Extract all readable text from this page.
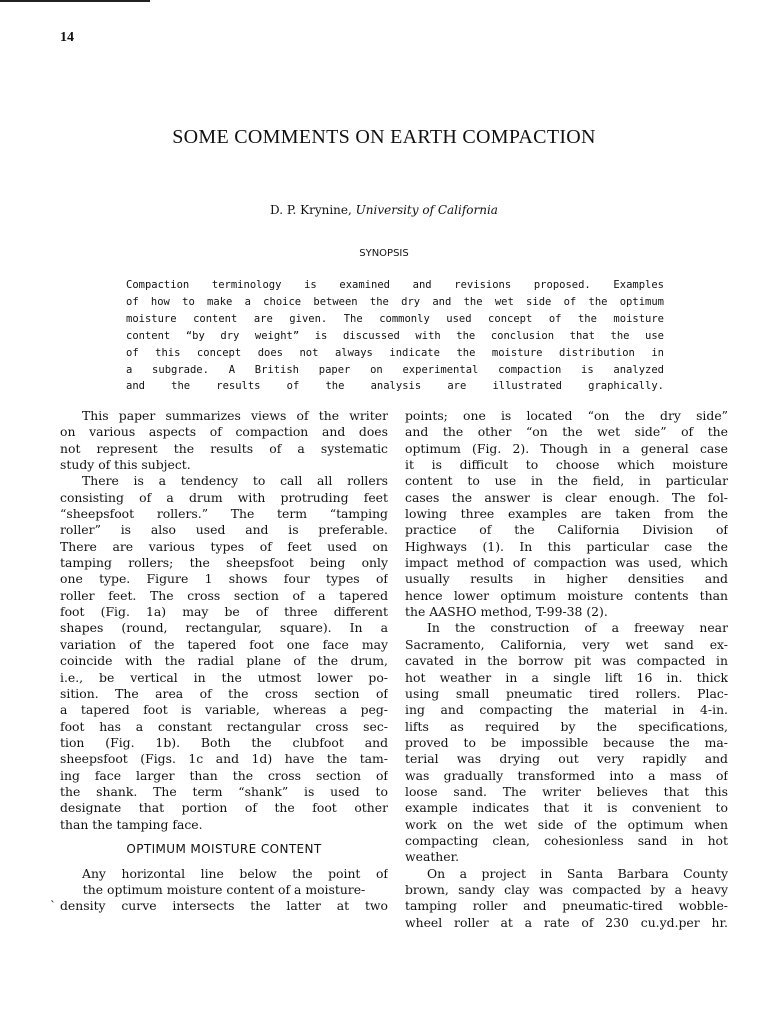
14
SOME COMMENTS ON EARTH COMPACTION
D. P. Krynine, University of California
SYNOPSIS
Compaction terminology is examined and revisions proposed. Examples
of how to make a choice between the dry and the wet side of the optimum
moisture content are given. The commonly used concept of the moisture
content “by dry weight” is discussed with the conclusion that the use
of this concept does not always indicate the moisture distribution in
a subgrade. A British paper on experimental compaction is analyzed
and the results of the analysis are illustrated graphically.
This paper summarizes views of the writer
on various aspects of compaction and does
not represent the results of a systematic
study of this subject.
There is a tendency to call all rollers
consisting of a drum with protruding feet
“sheepsfoot rollers.” The term “tamping
roller” is also used and is preferable.
There are various types of feet used on
tamping rollers; the sheepsfoot being only
one type. Figure 1 shows four types of
roller feet. The cross section of a tapered
foot (Fig. 1a) may be of three different
shapes (round, rectangular, square). In a
variation of the tapered foot one face may
coincide with the radial plane of the drum,
i.e., be vertical in the utmost lower po-
sition. The area of the cross section of
a tapered foot is variable, whereas a peg-
foot has a constant rectangular cross sec-
tion (Fig. 1b). Both the clubfoot and
sheepsfoot (Figs. 1c and 1d) have the tam-
ing face larger than the cross section of
the shank. The term “shank” is used to
designate that portion of the foot other
than the tamping face.
OPTIMUM MOISTURE CONTENT
Any horizontal line below the point of
the optimum moisture content of a moisture-
density curve intersects the latter at two
`
points; one is located “on the dry side”
and the other “on the wet side” of the
optimum (Fig. 2). Though in a general case
it is difficult to choose which moisture
content to use in the field, in particular
cases the answer is clear enough. The fol-
lowing three examples are taken from the
practice of the California Division of
Highways (1). In this particular case the
impact method of compaction was used, which
usually results in higher densities and
hence lower optimum moisture contents than
the AASHO method, T-99-38 (2).
In the construction of a freeway near
Sacramento, California, very wet sand ex-
cavated in the borrow pit was compacted in
hot weather in a single lift 16 in. thick
using small pneumatic tired rollers. Plac-
ing and compacting the material in 4-in.
lifts as required by the specifications,
proved to be impossible because the ma-
terial was drying out very rapidly and
was gradually transformed into a mass of
loose sand. The writer believes that this
example indicates that it is convenient to
work on the wet side of the optimum when
compacting clean, cohesionless sand in hot
weather.
On a project in Santa Barbara County
brown, sandy clay was compacted by a heavy
tamping roller and pneumatic-tired wobble-
wheel roller at a rate of 230 cu.yd.per hr.
